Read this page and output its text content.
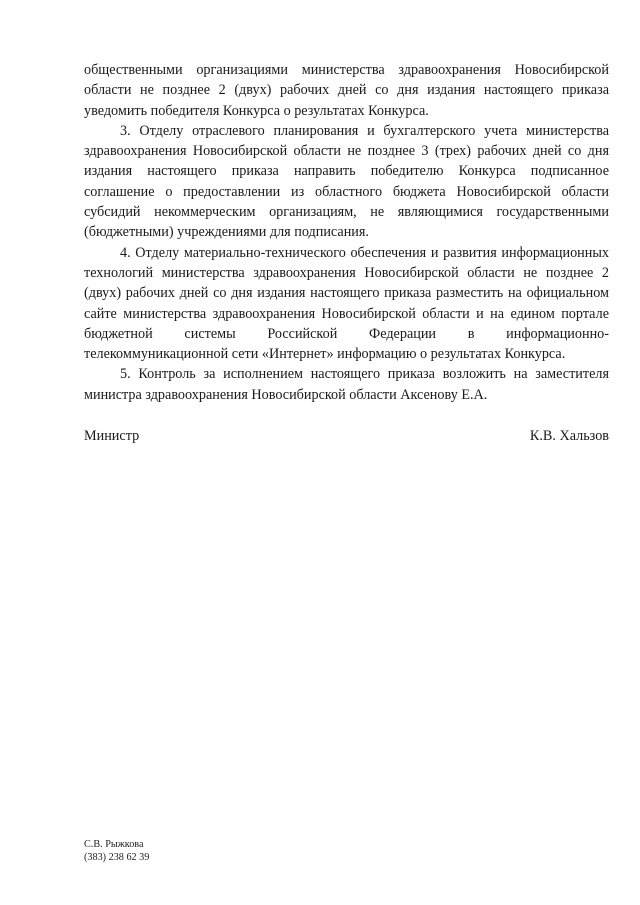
общественными организациями министерства здравоохранения Новосибирской области не позднее 2 (двух) рабочих дней со дня издания настоящего приказа уведомить победителя Конкурса о результатах Конкурса.

3. Отделу отраслевого планирования и бухгалтерского учета министерства здравоохранения Новосибирской области не позднее 3 (трех) рабочих дней со дня издания настоящего приказа направить победителю Конкурса подписанное соглашение о предоставлении из областного бюджета Новосибирской области субсидий некоммерческим организациям, не являющимися государственными (бюджетными) учреждениями для подписания.

4. Отделу материально-технического обеспечения и развития информационных технологий министерства здравоохранения Новосибирской области не позднее 2 (двух) рабочих дней со дня издания настоящего приказа разместить на официальном сайте министерства здравоохранения Новосибирской области и на едином портале бюджетной системы Российской Федерации в информационно-телекоммуникационной сети «Интернет» информацию о результатах Конкурса.

5. Контроль за исполнением настоящего приказа возложить на заместителя министра здравоохранения Новосибирской области Аксенову Е.А.

Министр	К.В. Хальзов
С.В. Рыжкова
(383) 238 62 39
